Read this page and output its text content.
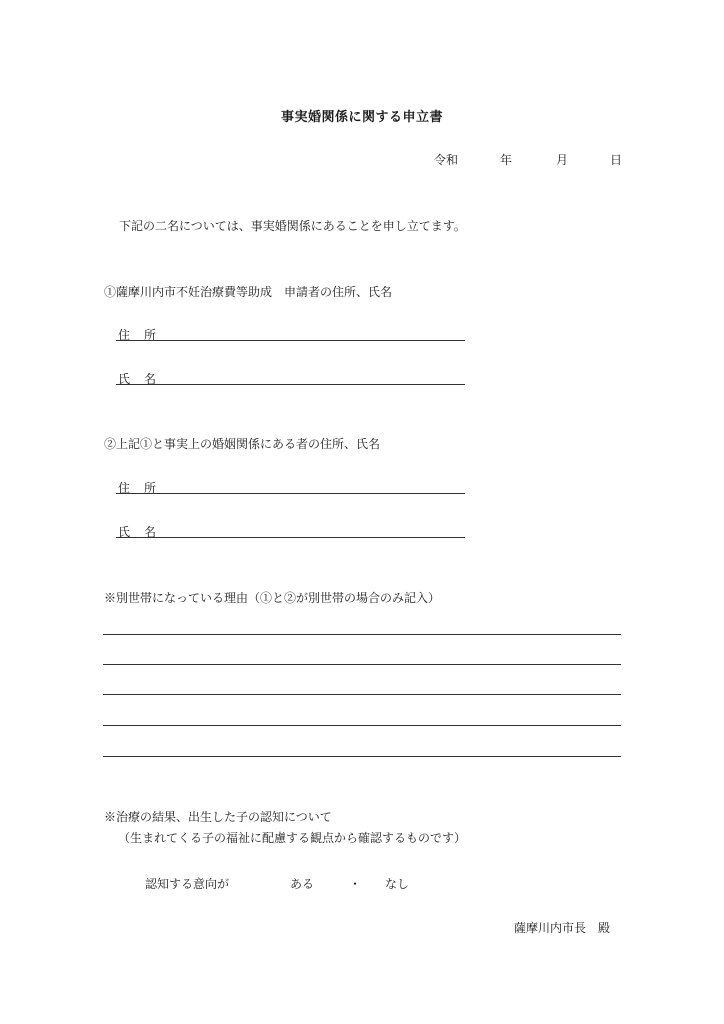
事実婚関係に関する申立書
令和	年	月	日
下記の二名については、事実婚関係にあることを申し立てます。
①薩摩川内市不妊治療費等助成　申請者の住所、氏名
住所
氏名
②上記①と事実上の婚姻関係にある者の住所、氏名
住所
氏名
※別世帯になっている理由（①と②が別世帯の場合のみ記入）
※治療の結果、出生した子の認知について
（生まれてくる子の福祉に配慮する観点から確認するものです）
認知する意向が	ある	・ なし
薩摩川内市長　殿
